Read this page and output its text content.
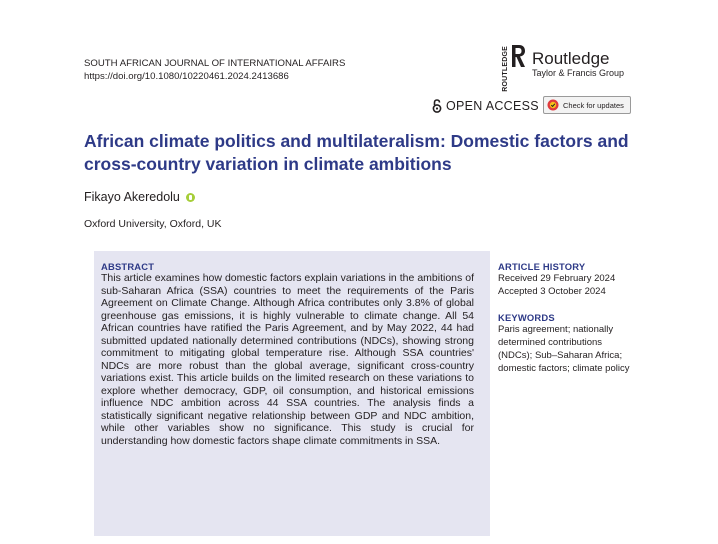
SOUTH AFRICAN JOURNAL OF INTERNATIONAL AFFAIRS
https://doi.org/10.1080/10220461.2024.2413686	ROUTLEDGE Routledge
Taylor & Francis Group
OPEN ACCESS	Check for updates
African climate politics and multilateralism: Domestic factors and cross-country variation in climate ambitions
Fikayo Akeredolu
Oxford University, Oxford, UK
ABSTRACT

This article examines how domestic factors explain variations in the ambitions of sub-Saharan Africa (SSA) countries to meet the requirements of the Paris Agreement on Climate Change. Although Africa contributes only 3.8% of global greenhouse gas emissions, it is highly vulnerable to climate change. All 54 African countries have ratified the Paris Agreement, and by May 2022, 44 had submitted updated nationally determined contributions (NDCs), showing strong commitment to mitigating global temperature rise. Although SSA countries' NDCs are more robust than the global average, significant cross-country variations exist. This article builds on the limited research on these variations to explore whether democracy, GDP, oil consumption, and historical emissions influence NDC ambition across 44 SSA countries. The analysis finds a statistically significant negative relationship between GDP and NDC ambition, while other variables show no significance. This study is crucial for understanding how domestic factors shape climate commitments in SSA.

ARTICLE HISTORY
Received 29 February 2024
Accepted 3 October 2024
KEYWORDS

Paris agreement; nationally determined contributions (NDCs); Sub–Saharan Africa; domestic factors; climate policy
